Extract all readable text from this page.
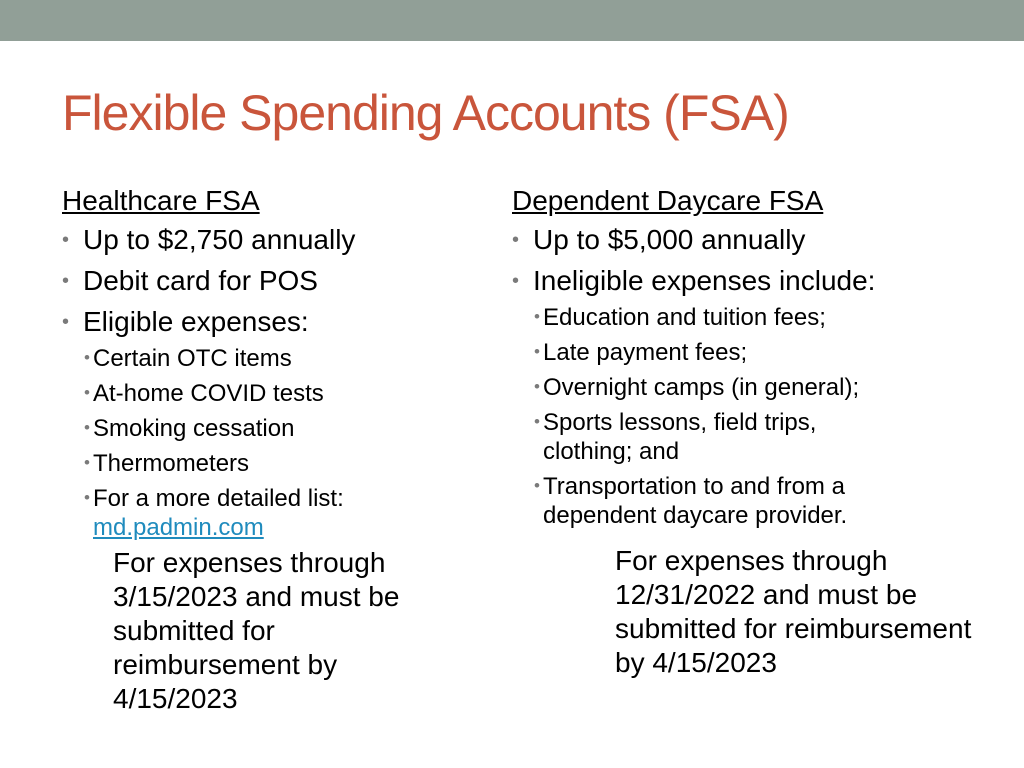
Flexible Spending Accounts (FSA)
Healthcare FSA
• Up to $2,750 annually
• Debit card for POS
• Eligible expenses:
• Certain OTC items
• At-home COVID tests
• Smoking cessation
• Thermometers
• For a more detailed list:
md.padmin.com
For expenses through 3/15/2023 and must be submitted for reimbursement by 4/15/2023
Dependent Daycare FSA
• Up to $5,000 annually
• Ineligible expenses include:
• Education and tuition fees;
• Late payment fees;
• Overnight camps (in general);
• Sports lessons, field trips, clothing; and
• Transportation to and from a dependent daycare provider.
For expenses through 12/31/2022 and must be submitted for reimbursement by 4/15/2023
